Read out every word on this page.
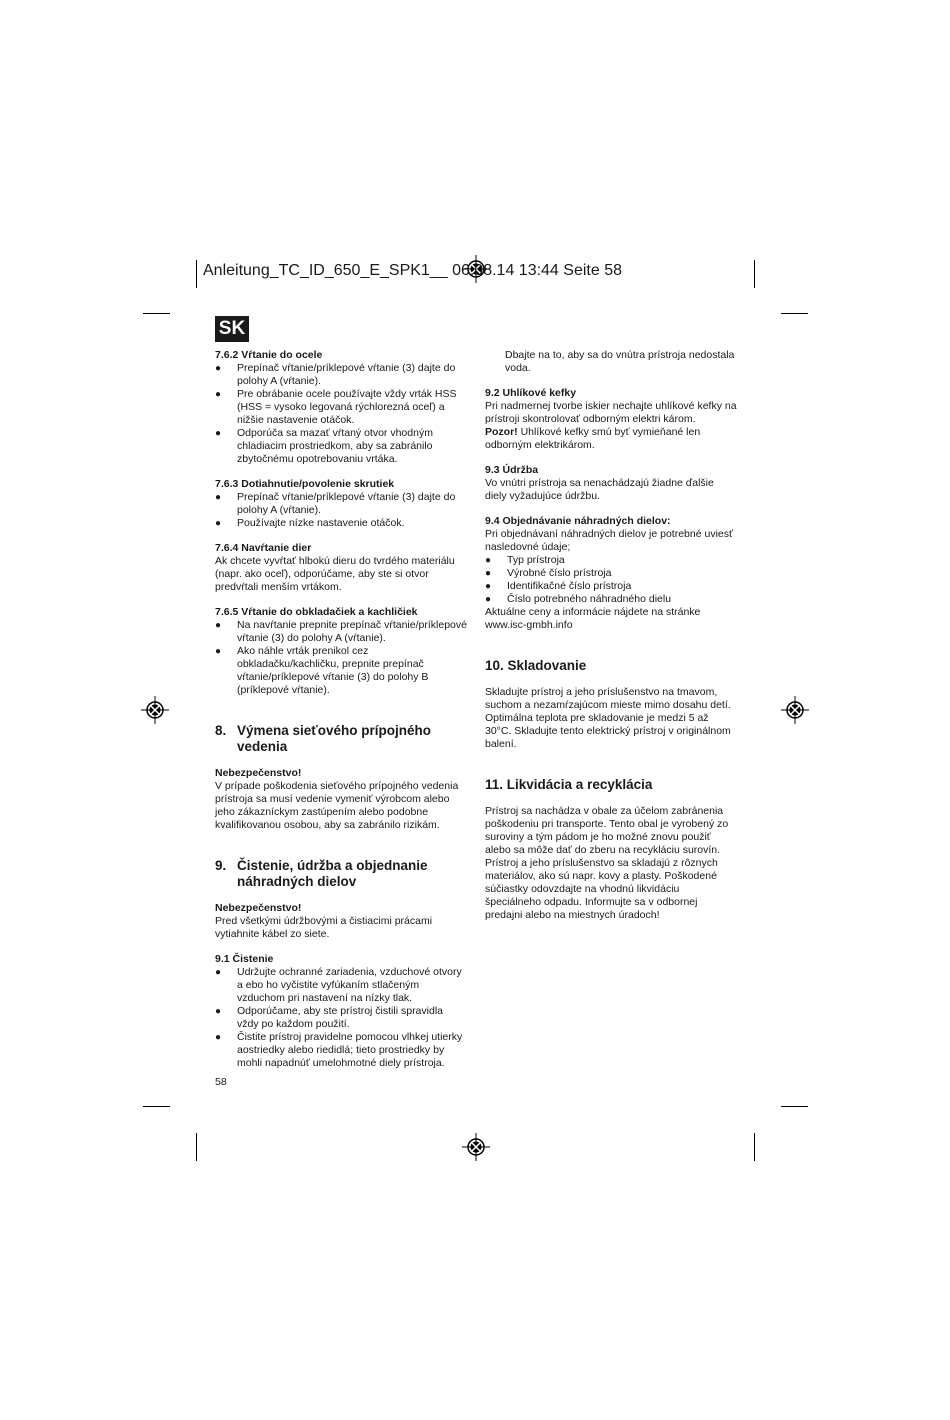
Anleitung_TC_ID_650_E_SPK1__ 06.08.14 13:44 Seite 58
SK

7.6.2 Vŕtanie do ocele

● Prepínač vŕtanie/príklepové vŕtanie (3) dajte do polohy A (vŕtanie).
● Pre obrábanie ocele používajte vždy vrták HSS (HSS = vysoko legovaná rýchlorezná oceľ) a nižšie nastavenie otáčok.
● Odporúča sa mazať vŕtaný otvor vhodným chladiacim prostriedkom, aby sa zabránilo zbytočnému opotrebovaniu vrtáka.

7.6.3 Dotiahnutie/povolenie skrutiek

● Prepínač vŕtanie/príklepové vŕtanie (3) dajte do polohy A (vŕtanie).
● Používajte nízke nastavenie otáčok.

7.6.4 Navŕtanie dier

Ak chcete vyvŕtať hlbokú dieru do tvrdého materiálu (napr. ako oceľ), odporúčame, aby ste si otvor predvŕtali menším vrtákom.

7.6.5 Vŕtanie do obkladačiek a kachličiek

● Na navŕtanie prepnite prepínač vŕtanie/príklepové vŕtanie (3) do polohy A (vŕtanie).
● Ako náhle vrták prenikol cez obkladačku/kachličku, prepnite prepínač vŕtanie/príklepové vŕtanie (3) do polohy B (príklepové vŕtanie).
8. Výmena sieťového prípojného vedenia

Nebezpečenstvo!

V prípade poškodenia sieťového prípojného vedenia prístroja sa musí vedenie vymeniť výrobcom alebo jeho zákazníckym zastúpením alebo podobne kvalifikovanou osobou, aby sa zabránilo rizikám.

9. Čistenie, údržba a objednanie náhradných dielov

Nebezpečenstvo!

Pred všetkými údržbovými a čistiacimi prácami vytiahnite kábel zo siete.

9.1 Čistenie

● Udržujte ochranné zariadenia, vzduchové otvory a ebo ho vyčistite vyfúkaním stlačeným vzduchom pri nastavení na nízky tlak.
● Odporúčame, aby ste prístroj čistili spravidla vždy po každom použití.
● Čistite prístroj pravidelne pomocou vlhkej utierky aostriedky alebo riedidlá; tieto prostriedky by mohli napadnúť umelohmotné diely prístroja.
58

Dbajte na to, aby sa do vnútra prístroja nedostala voda.

9.2 Uhlíkové kefky

Pri nadmernej tvorbe iskier nechajte uhlíkové kefky na prístroji skontrolovať odborným elektri károm.

Pozor! Uhlíkové kefky smú byť vymieňané len odborným elektrikárom.

9.3 Údržba

Vo vnútri prístroja sa nenachádzajú žiadne ďalšie diely vyžadujúce údržbu.

9.4 Objednávanie náhradných dielov:

Pri objednávaní náhradných dielov je potrebné uviesť nasledovné údaje;

● Typ prístroja
● Výrobné číslo prístroja
● Identifikačné číslo prístroja
● Číslo potrebného náhradného dielu

Aktuálne ceny a informácie nájdete na stránke www.isc-gmbh.info

10. Skladovanie

Skladujte prístroj a jeho príslušenstvo na tmavom, suchom a nezamŕzajúcom mieste mimo dosahu detí. Optimálna teplota pre skladovanie je medzi 5 až 30°C. Skladujte tento elektrický prístroj v originálnom balení.

11. Likvidácia a recyklácia

Prístroj sa nachádza v obale za účelom zabránenia poškodeniu pri transporte. Tento obal je vyrobený zo suroviny a tým pádom je ho možné znovu použiť alebo sa môže dať do zberu na recykláciu surovín. Prístroj a jeho príslušenstvo sa skladajú z rôznych materiálov, ako sú napr. kovy a plasty. Poškodené súčiastky odovzdajte na vhodnú likvidáciu špeciálneho odpadu. Informujte sa v odbornej predajni alebo na miestnych úradoch!
